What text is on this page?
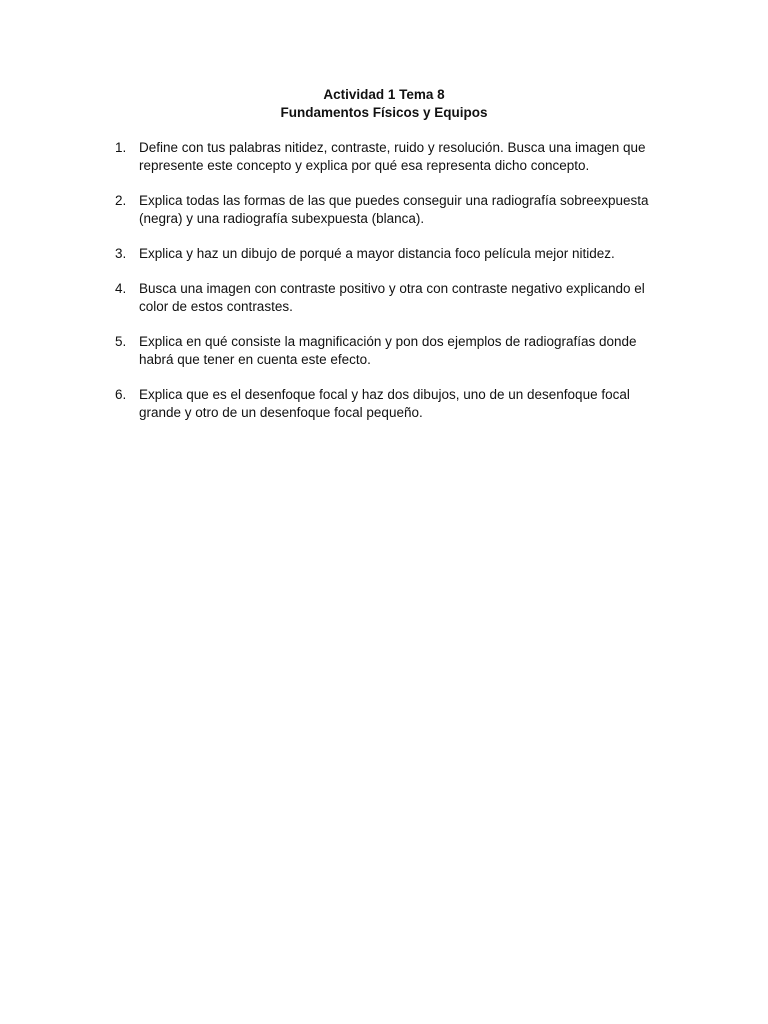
Actividad 1 Tema 8
Fundamentos Físicos y Equipos
1. Define con tus palabras nitidez, contraste, ruido y resolución. Busca una imagen que
represente este concepto y explica por qué esa representa dicho concepto.
2. Explica todas las formas de las que puedes conseguir una radiografía sobreexpuesta
(negra) y una radiografía subexpuesta (blanca).
3. Explica y haz un dibujo de porqué a mayor distancia foco película mejor nitidez.
4. Busca una imagen con contraste positivo y otra con contraste negativo explicando el
color de estos contrastes.
5. Explica en qué consiste la magnificación y pon dos ejemplos de radiografías donde
habrá que tener en cuenta este efecto.
6. Explica que es el desenfoque focal y haz dos dibujos, uno de un desenfoque focal
grande y otro de un desenfoque focal pequeño.
